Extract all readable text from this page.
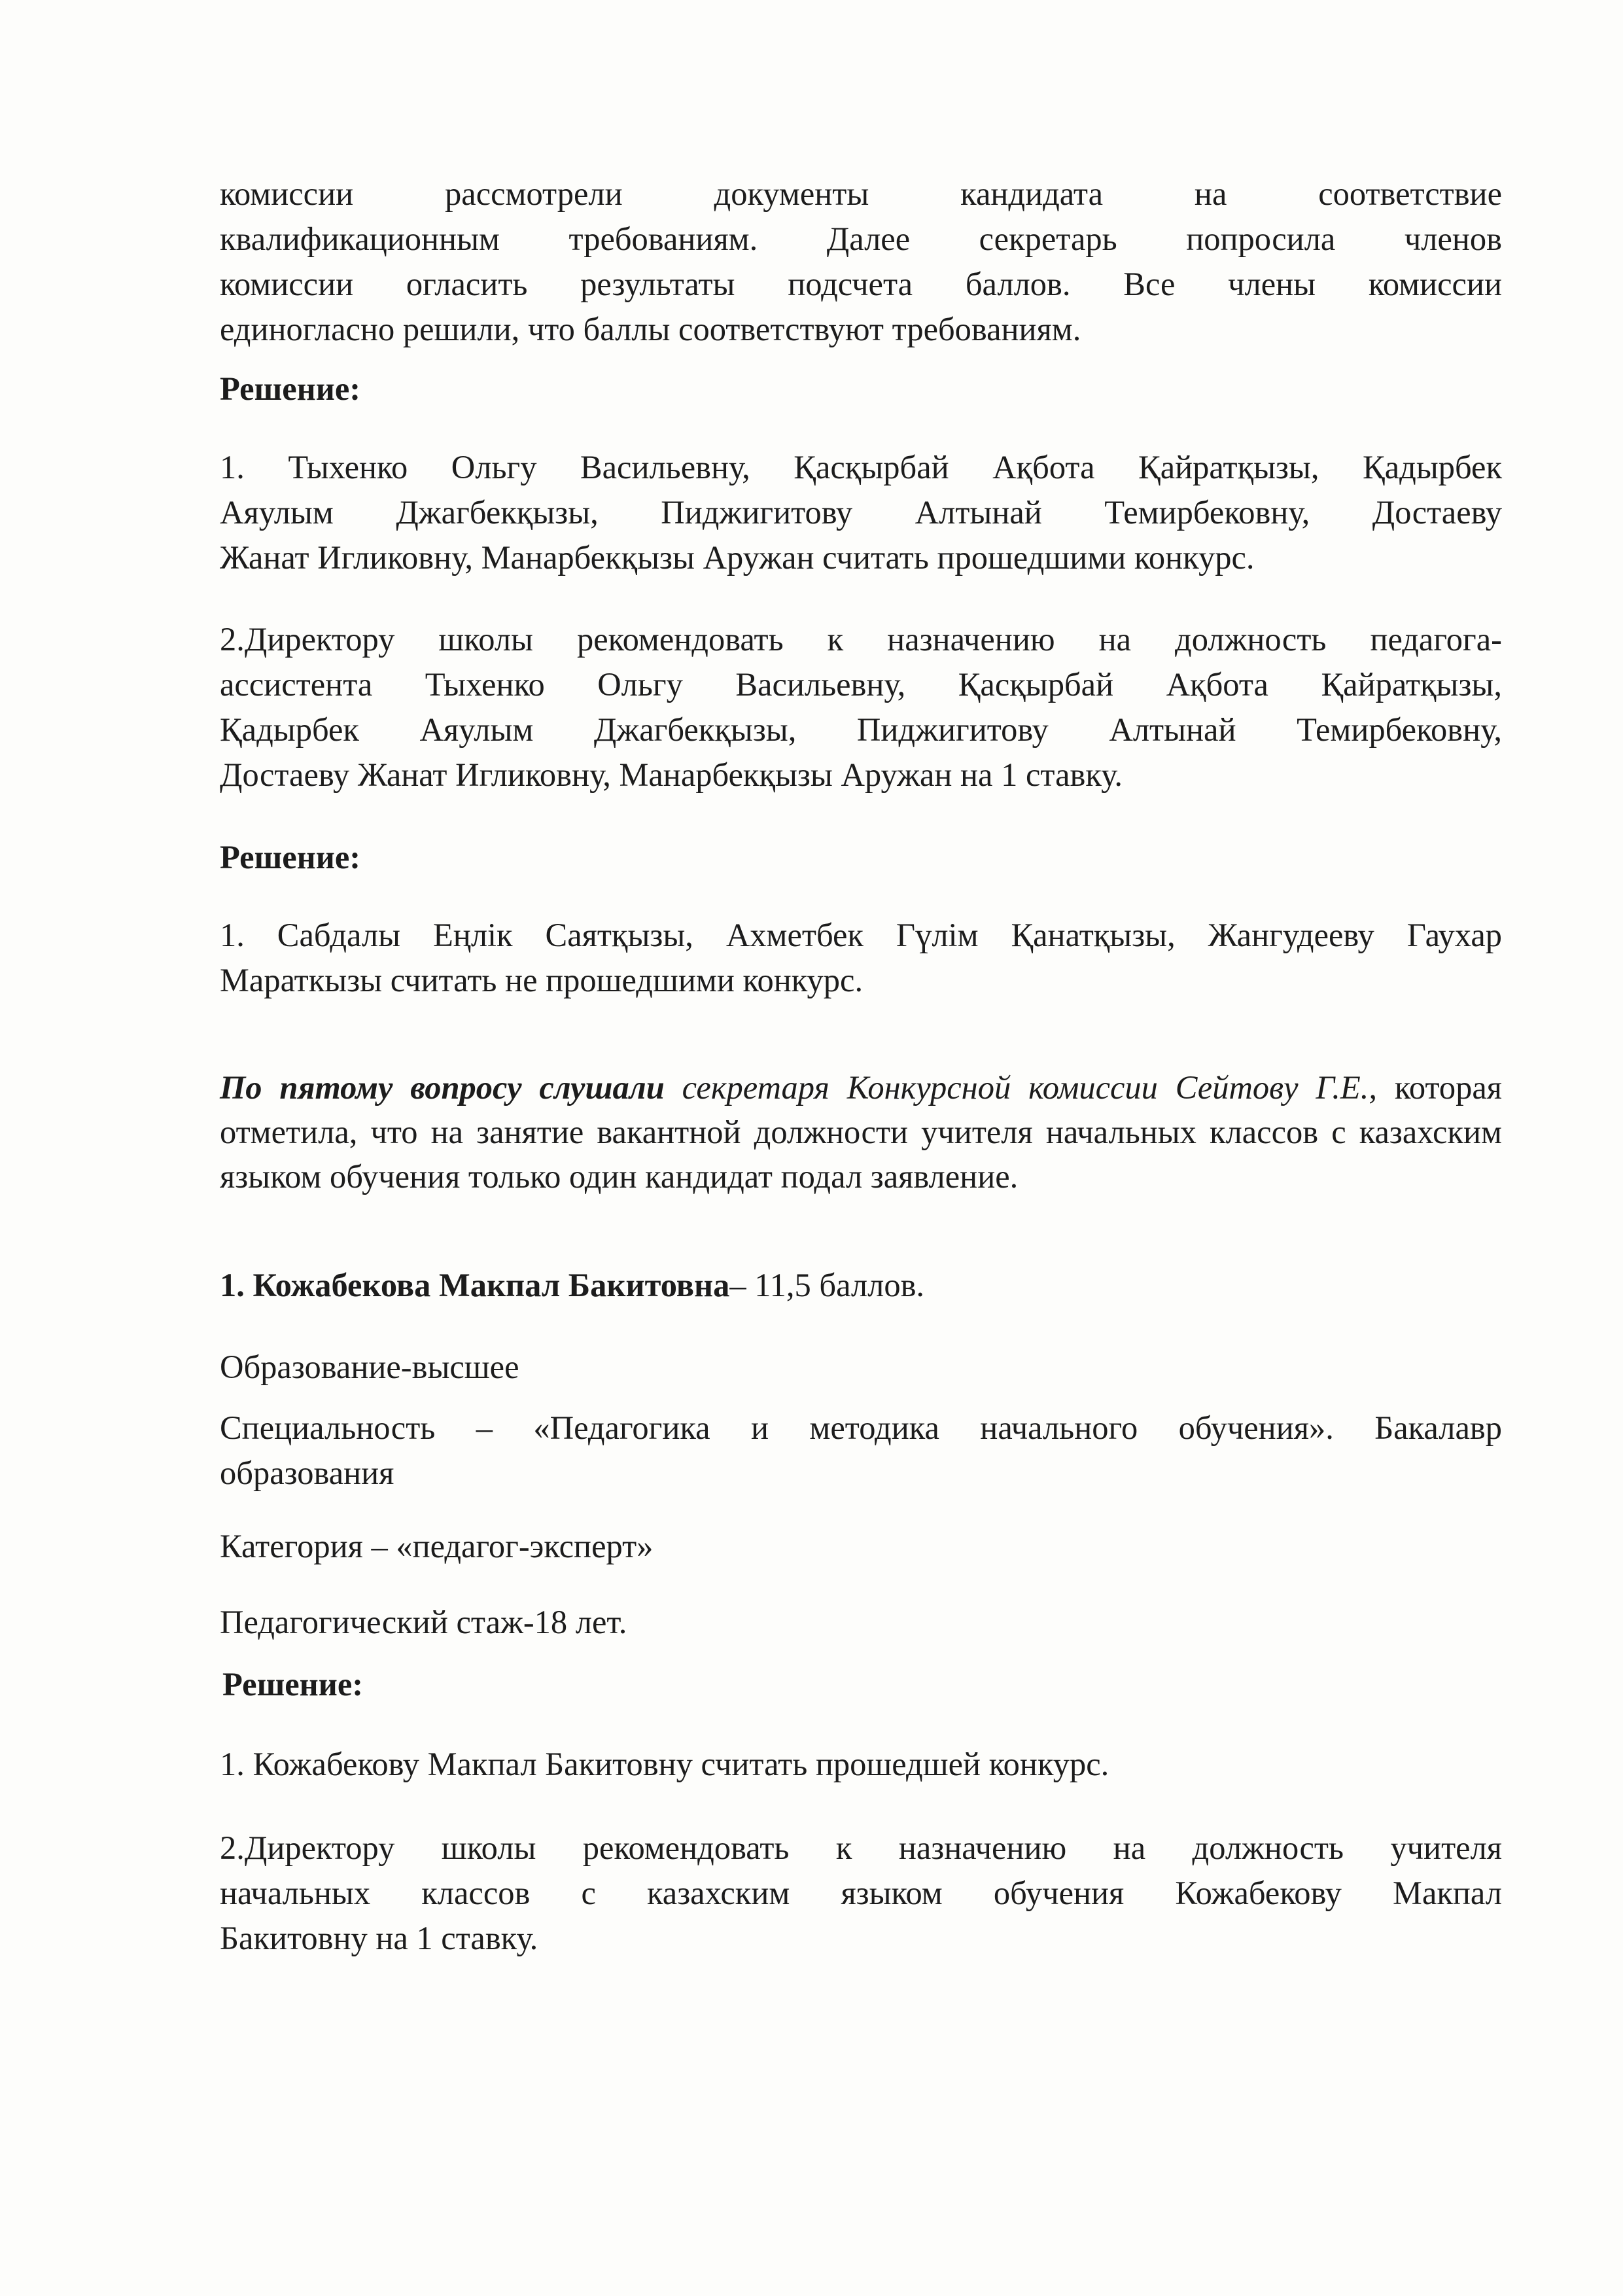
комиссии рассмотрели документы кандидата на соответствие
квалификационным требованиям. Далее секретарь попросила членов
комиссии огласить результаты подсчета баллов. Все члены комиссии
единогласно решили, что баллы соответствуют требованиям.
Решение:
1. Тыхенко Ольгу Васильевну, Қасқырбай Ақбота Қайратқызы, Қадырбек
Аяулым Джагбекқызы, Пиджигитову Алтынай Темирбековну, Достаеву
Жанат Игликовну, Манарбекқызы Аружан считать прошедшими конкурс.
2.Директору школы рекомендовать к назначению на должность педагога-
ассистента Тыхенко Ольгу Васильевну, Қасқырбай Ақбота Қайратқызы,
Қадырбек Аяулым Джагбекқызы, Пиджигитову Алтынай Темирбековну,
Достаеву Жанат Игликовну, Манарбекқызы Аружан на 1 ставку.
Решение:
1. Сабдалы Еңлік Саятқызы, Ахметбек Гүлім Қанатқызы, Жангудееву Гаухар
Мараткызы считать не прошедшими конкурс.
По пятому вопросу слушали секретаря Конкурсной комиссии Сейтову Г.Е., которая отметила, что на занятие вакантной должности учителя начальных классов с казахским языком обучения только один кандидат подал заявление.
1. Кожабекова Макпал Бакитовна– 11,5 баллов.
Образование-высшее
Специальность – «Педагогика и методика начального обучения». Бакалавр
образования
Категория – «педагог-эксперт»
Педагогический стаж-18 лет.
Решение:
1. Кожабекову Макпал Бакитовну считать прошедшей конкурс.
2.Директору школы рекомендовать к назначению на должность учителя
начальных классов с казахским языком обучения Кожабекову Макпал
Бакитовну на 1 ставку.
